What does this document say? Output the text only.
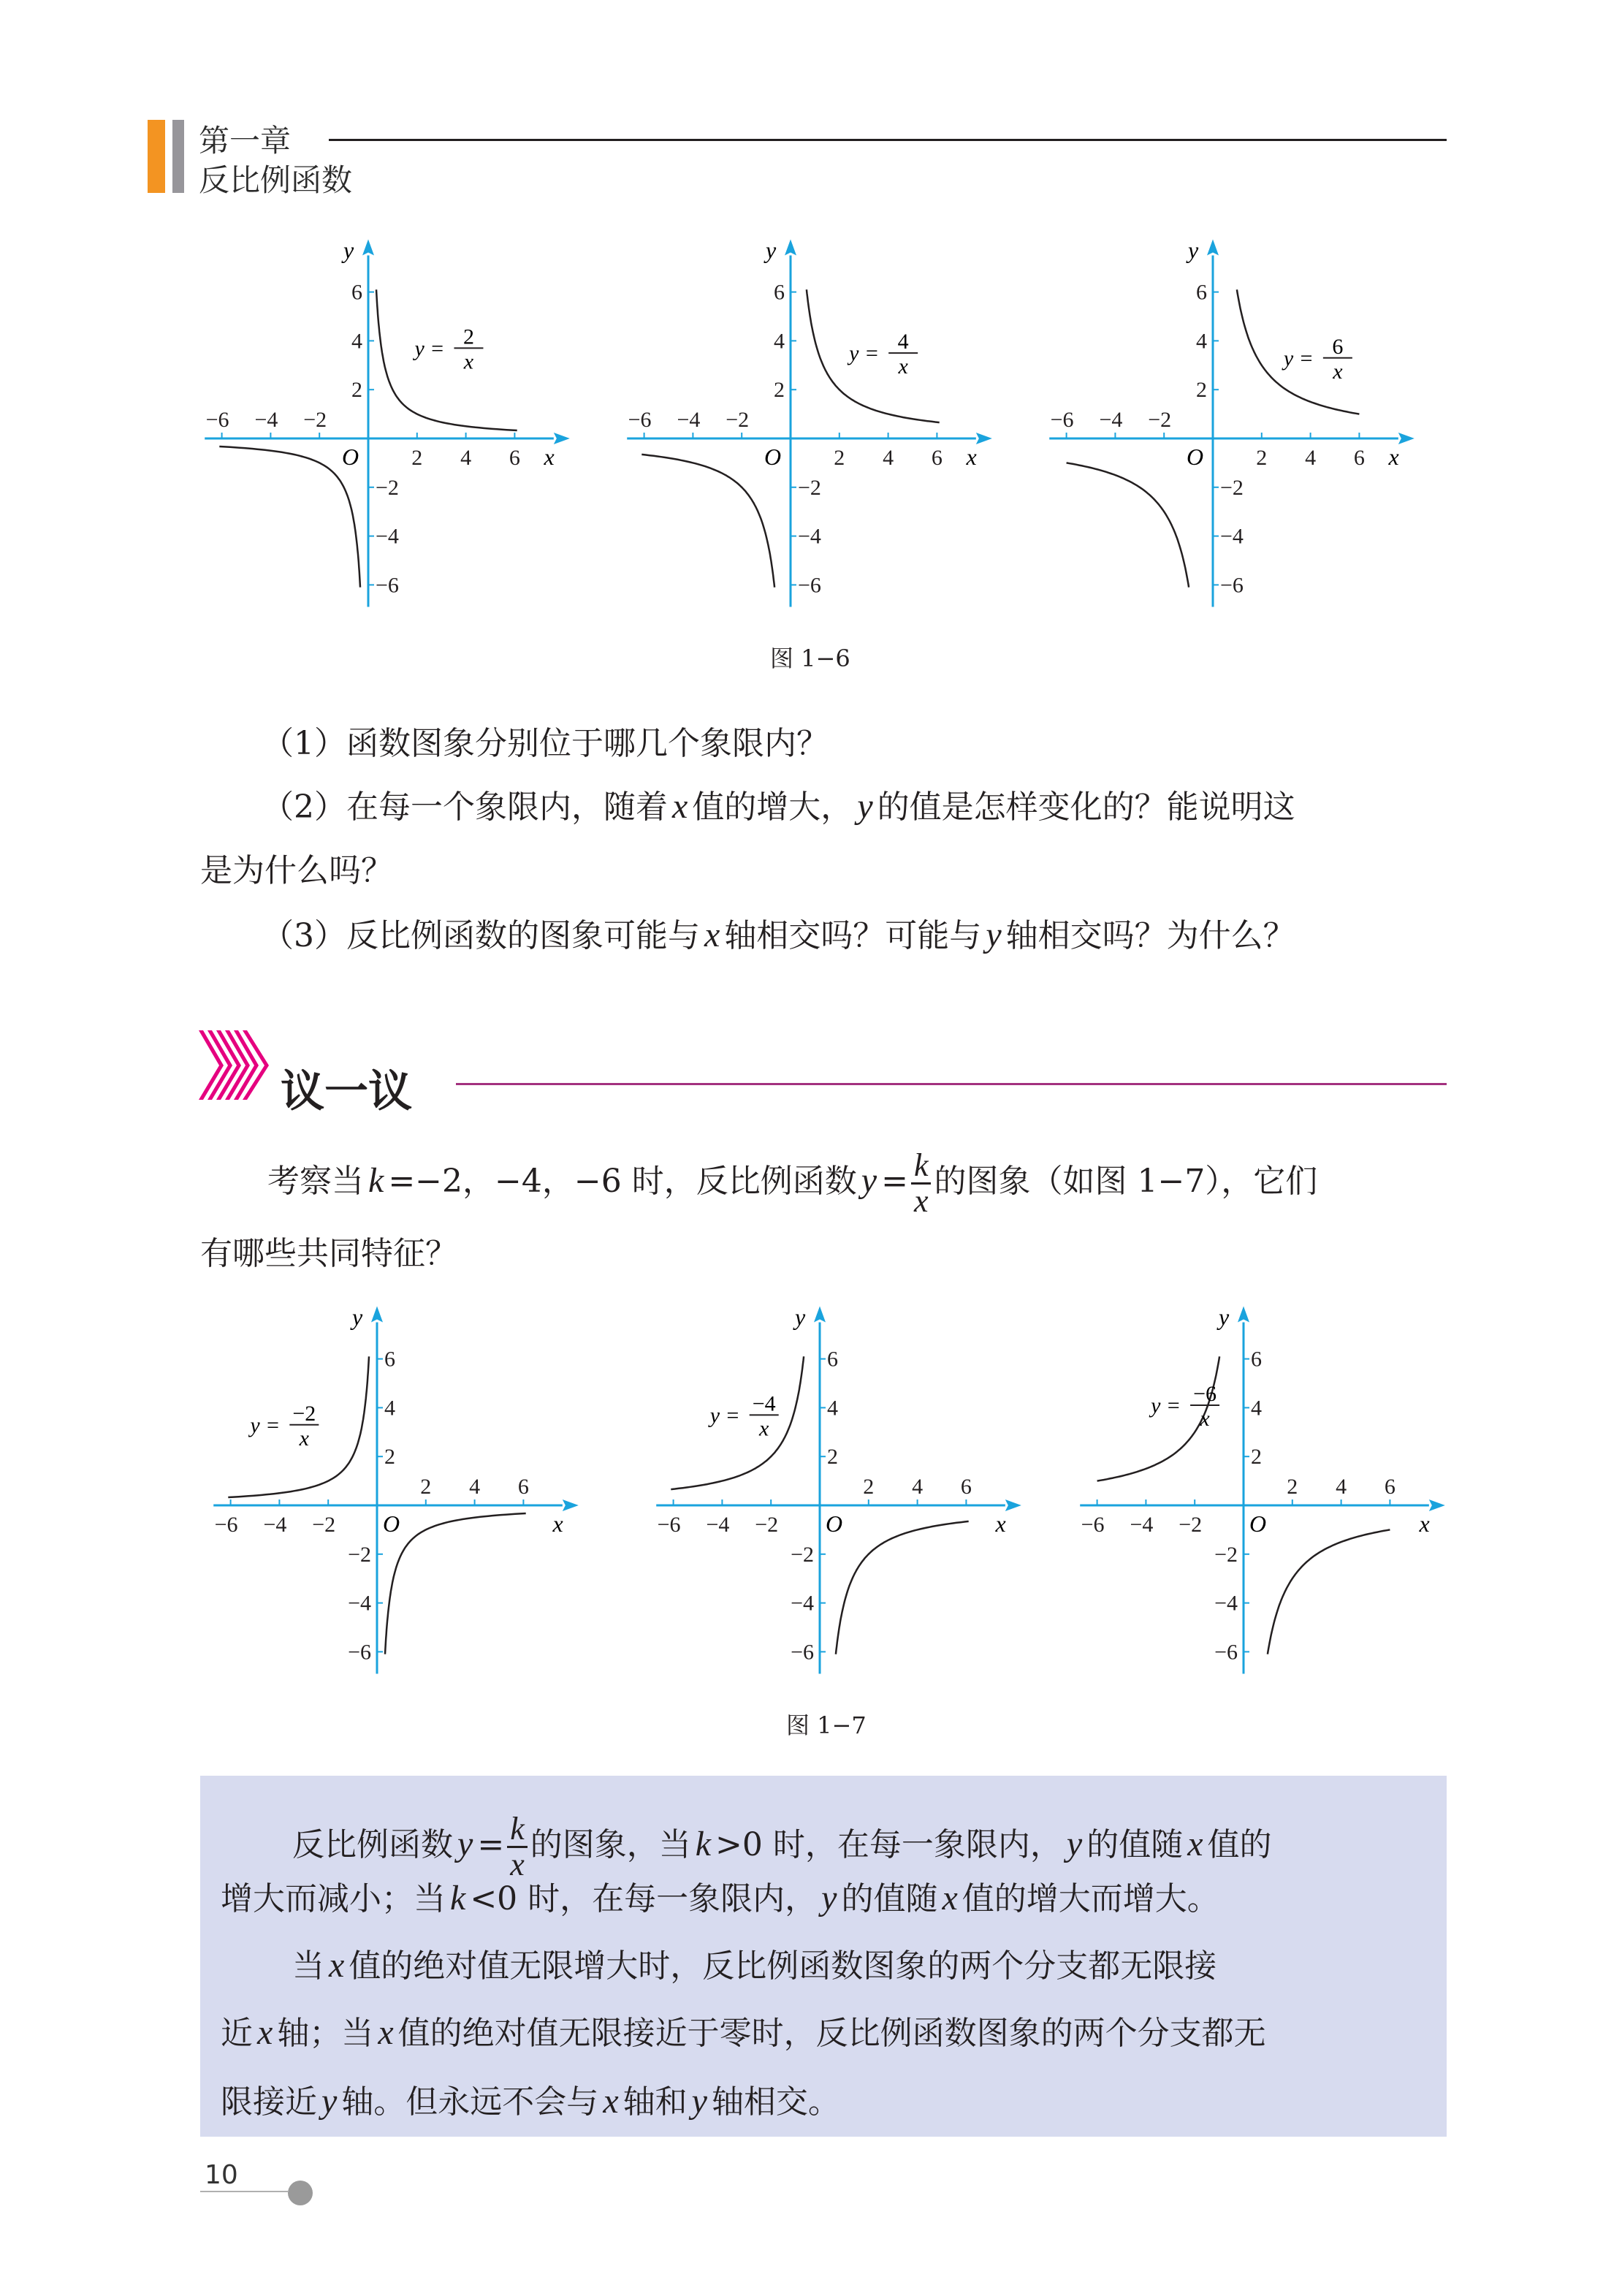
第一章
反比例函数
−6 −4 −2
2 4 6
6
4
2
−2
−4
−6
O	x
y
y = 2
x
−6 −4 −2
2 4 6
6
4
2
−2
−4
−6
O	x
y
y = 4
x
−6 −4 −2
2 4 6
6
4
2
−2
−4
−6
O	x
y
y = 6
x
图 1−6
（1）函数图象分别位于哪几个象限内？
（2）在每一个象限内，随着 x 值的增大， y 的值是怎样变化的？能说明这
是为什么吗？
（3）反比例函数的图象可能与 x 轴相交吗？可能与 y 轴相交吗？为什么？
议一议
考察当 k =−2，−4，−6 时，反比例函数 $y = \frac{k}{x}$ 的图象（如图 1−7），它们
有哪些共同特征？
−6 −4 −2
2 4 6
6
4
2
−2
−4
−6
O	x
y
y = −2
x
−6 −4 −2
2 4 6
6
4
2
−2
−4
−6
O	x
y
y = −4
x
−6 −4 −2
2 4 6
6
4
2
−2
−4
−6
O	x
y
y = −6
x
图 1−7
反比例函数 $y = \frac{k}{x}$ 的图象，当 k >0 时，在每一象限内， y 的值随 x 值的
增大而减小；当 k <0 时，在每一象限内， y 的值随 x 值的增大而增大。
当 x 值的绝对值无限增大时，反比例函数图象的两个分支都无限接
近 x 轴；当 x 值的绝对值无限接近于零时，反比例函数图象的两个分支都无
限接近 y 轴。但永远不会与 x 轴和 y 轴相交。
10
